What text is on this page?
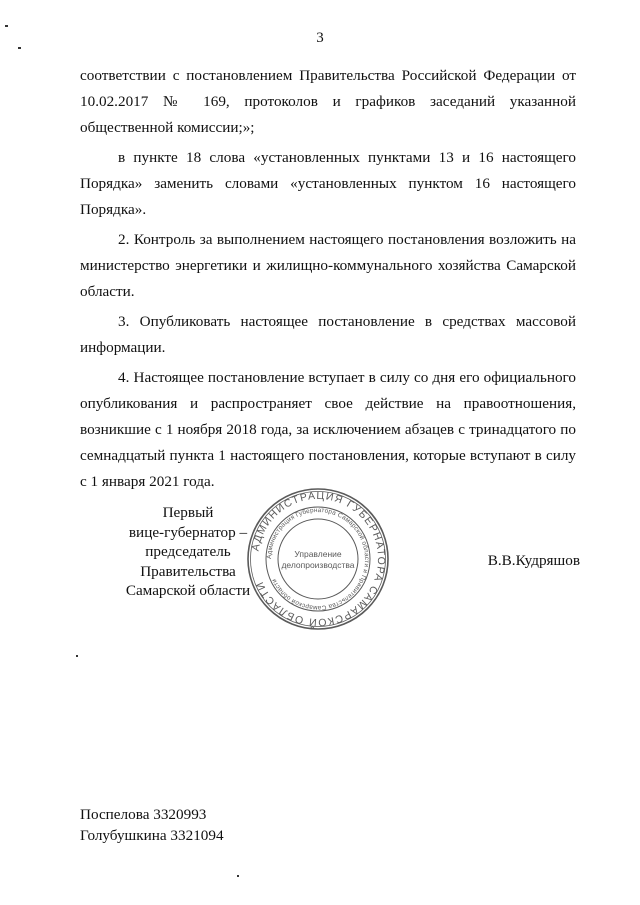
3

соответствии с постановлением Правительства Российской Федерации от 10.02.2017 № 169, протоколов и графиков заседаний указанной общественной комиссии;»;

в пункте 18 слова «установленных пунктами 13 и 16 настоящего Порядка» заменить словами «установленных пунктом 16 настоящего Порядка».

2. Контроль за выполнением настоящего постановления возложить на министерство энергетики и жилищно-коммунального хозяйства Самарской области.

3. Опубликовать настоящее постановление в средствах массовой информации.

4. Настоящее постановление вступает в силу со дня его официального опубликования и распространяет свое действие на правоотношения, возникшие с 1 ноября 2018 года, за исключением абзацев с тринадцатого по семнадцатый пункта 1 настоящего постановления, которые вступают в силу с 1 января 2021 года.

Первый
вице-губернатор –
председатель Правительства
Самарской области
АДМИНИСТРАЦИЯ ГУБЕРНАТОРА САМАРСКОЙ ОБЛАСТИ
Администрация Губернатора Самарской области и Правительства Самарской области
Управление
делопроизводства	В.В.Кудряшов
Поспелова 3320993
Голубушкина 3321094
